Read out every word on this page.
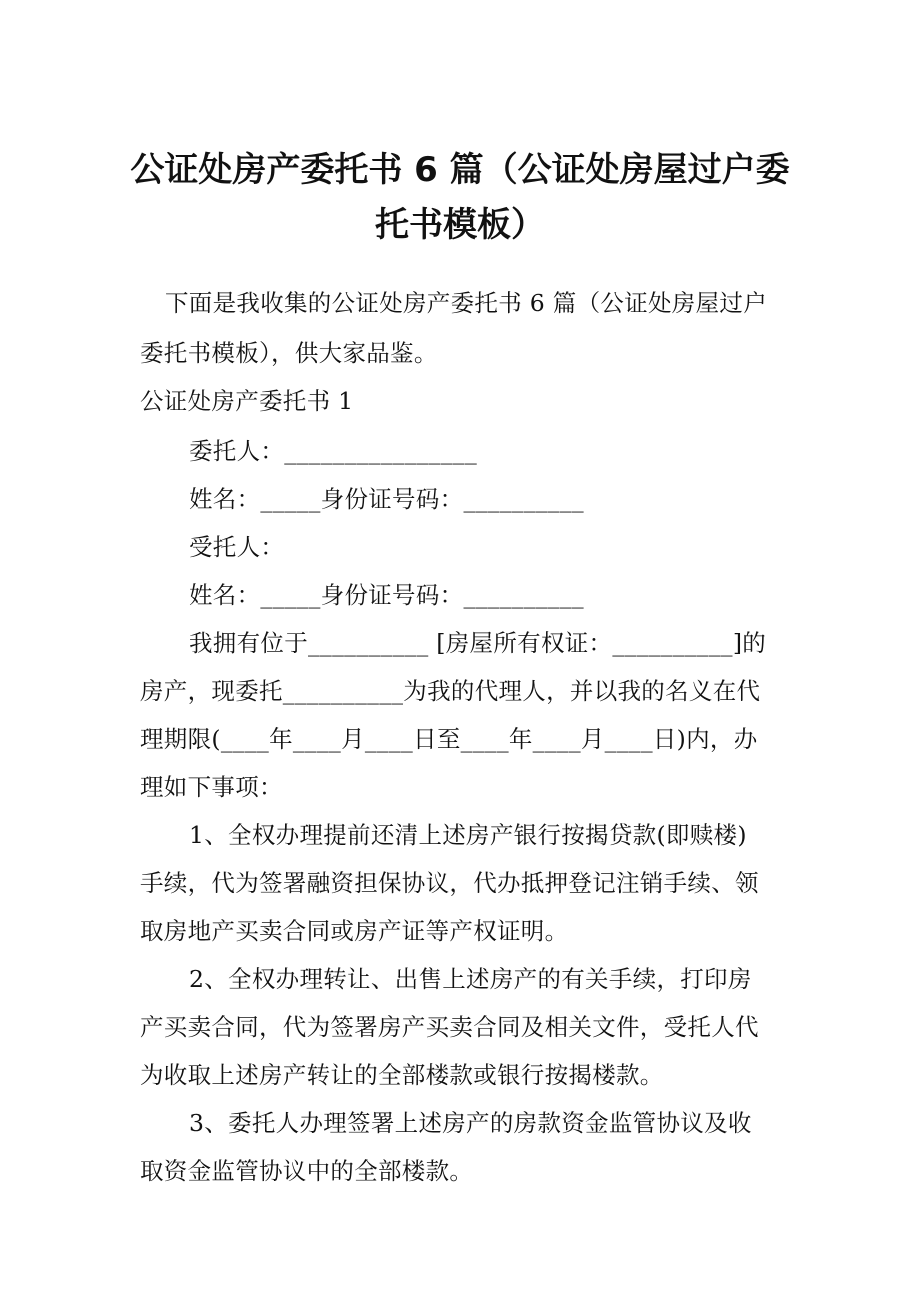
公证处房产委托书 6 篇（公证处房屋过户委
托书模板）
下面是我收集的公证处房产委托书 6 篇（公证处房屋过户
委托书模板），供大家品鉴。
公证处房产委托书 1
委托人：________________
姓名：_____身份证号码：__________
受托人：
姓名：_____身份证号码：__________
我拥有位于__________ [房屋所有权证：__________]的
房产，现委托__________为我的代理人，并以我的名义在代
理期限(____年____月____日至____年____月____日)内，办
理如下事项：
1、全权办理提前还清上述房产银行按揭贷款(即赎楼)
手续，代为签署融资担保协议，代办抵押登记注销手续、领
取房地产买卖合同或房产证等产权证明。
2、全权办理转让、出售上述房产的有关手续，打印房
产买卖合同，代为签署房产买卖合同及相关文件，受托人代
为收取上述房产转让的全部楼款或银行按揭楼款。
3、委托人办理签署上述房产的房款资金监管协议及收
取资金监管协议中的全部楼款。
